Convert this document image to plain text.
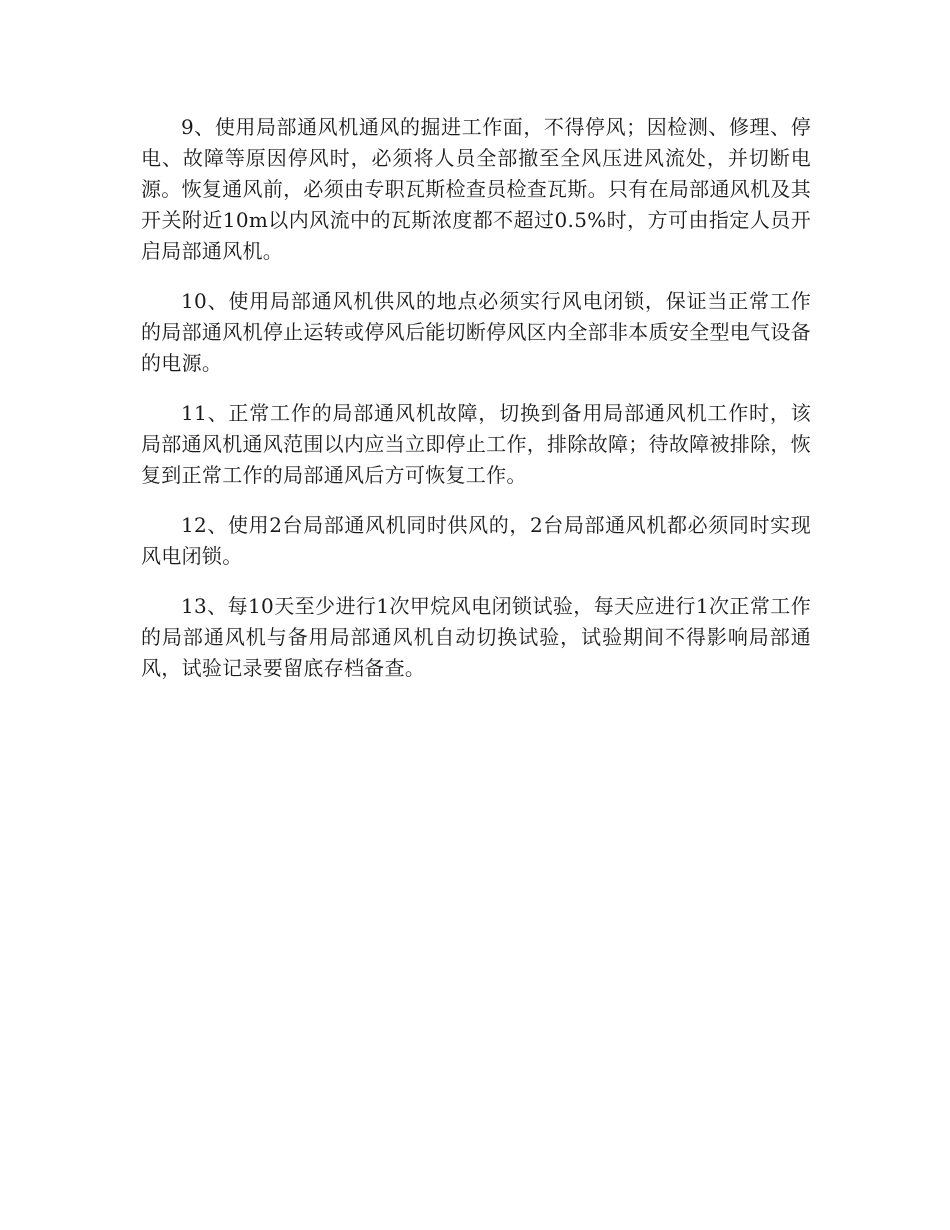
9、使用局部通风机通风的掘进工作面，不得停风；因检测、修理、停电、故障等原因停风时，必须将人员全部撤至全风压进风流处，并切断电源。恢复通风前，必须由专职瓦斯检查员检查瓦斯。只有在局部通风机及其开关附近10m以内风流中的瓦斯浓度都不超过0.5%时，方可由指定人员开启局部通风机。

10、使用局部通风机供风的地点必须实行风电闭锁，保证当正常工作的局部通风机停止运转或停风后能切断停风区内全部非本质安全型电气设备的电源。

11、正常工作的局部通风机故障，切换到备用局部通风机工作时，该局部通风机通风范围以内应当立即停止工作，排除故障；待故障被排除，恢复到正常工作的局部通风后方可恢复工作。

12、使用2台局部通风机同时供风的，2台局部通风机都必须同时实现风电闭锁。

13、每10天至少进行1次甲烷风电闭锁试验，每天应进行1次正常工作的局部通风机与备用局部通风机自动切换试验，试验期间不得影响局部通风，试验记录要留底存档备查。
